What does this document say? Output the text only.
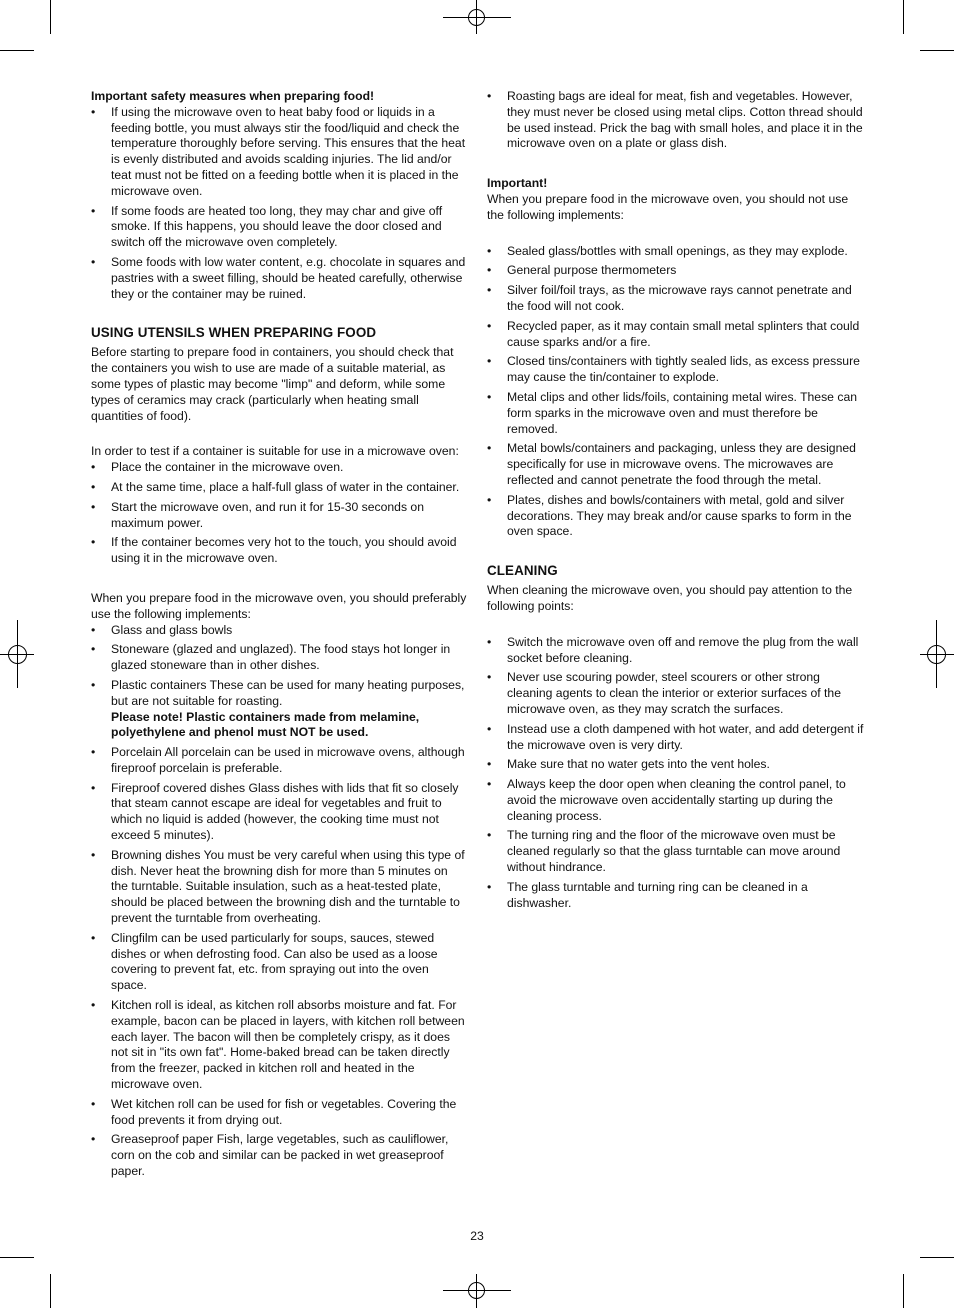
Important safety measures when preparing food!

• If using the microwave oven to heat baby food or liquids in a feeding bottle, you must always stir the food/liquid and check the temperature thoroughly before serving. This ensures that the heat is evenly distributed and avoids scalding injuries. The lid and/or teat must not be fitted on a feeding bottle when it is placed in the microwave oven.
• If some foods are heated too long, they may char and give off smoke. If this happens, you should leave the door closed and switch off the microwave oven completely.
• Some foods with low water content, e.g. chocolate in squares and pastries with a sweet filling, should be heated carefully, otherwise they or the container may be ruined.

USING UTENSILS WHEN PREPARING FOOD

Before starting to prepare food in containers, you should check that the containers you wish to use are made of a suitable material, as some types of plastic may become "limp" and deform, while some types of ceramics may crack (particularly when heating small quantities of food).

In order to test if a container is suitable for use in a microwave oven:

• Place the container in the microwave oven.
• At the same time, place a half-full glass of water in the container.
• Start the microwave oven, and run it for 15-30 seconds on maximum power.
• If the container becomes very hot to the touch, you should avoid using it in the microwave oven.

When you prepare food in the microwave oven, you should preferably use the following implements:

• Glass and glass bowls
• Stoneware (glazed and unglazed). The food stays hot longer in glazed stoneware than in other dishes.
• Plastic containers These can be used for many heating purposes, but are not suitable for roasting.
Please note! Plastic containers made from melamine, polyethylene and phenol must NOT be used.
• Porcelain All porcelain can be used in microwave ovens, although fireproof porcelain is preferable.
• Fireproof covered dishes Glass dishes with lids that fit so closely that steam cannot escape are ideal for vegetables and fruit to which no liquid is added (however, the cooking time must not exceed 5 minutes).
• Browning dishes You must be very careful when using this type of dish. Never heat the browning dish for more than 5 minutes on the turntable. Suitable insulation, such as a heat-tested plate, should be placed between the browning dish and the turntable to prevent the turntable from overheating.
• Clingfilm can be used particularly for soups, sauces, stewed dishes or when defrosting food. Can also be used as a loose covering to prevent fat, etc. from spraying out into the oven space.
• Kitchen roll is ideal, as kitchen roll absorbs moisture and fat. For example, bacon can be placed in layers, with kitchen roll between each layer. The bacon will then be completely crispy, as it does not sit in "its own fat". Home-baked bread can be taken directly from the freezer, packed in kitchen roll and heated in the microwave oven.
• Wet kitchen roll can be used for fish or vegetables. Covering the food prevents it from drying out.
• Greaseproof paper Fish, large vegetables, such as cauliflower, corn on the cob and similar can be packed in wet greaseproof paper.
• Roasting bags are ideal for meat, fish and vegetables. However, they must never be closed using metal clips. Cotton thread should be used instead. Prick the bag with small holes, and place it in the microwave oven on a plate or glass dish.

Important!

When you prepare food in the microwave oven, you should not use the following implements:

• Sealed glass/bottles with small openings, as they may explode.
• General purpose thermometers
• Silver foil/foil trays, as the microwave rays cannot penetrate and the food will not cook.
• Recycled paper, as it may contain small metal splinters that could cause sparks and/or a fire.
• Closed tins/containers with tightly sealed lids, as excess pressure may cause the tin/container to explode.
• Metal clips and other lids/foils, containing metal wires. These can form sparks in the microwave oven and must therefore be removed.
• Metal bowls/containers and packaging, unless they are designed specifically for use in microwave ovens. The microwaves are reflected and cannot penetrate the food through the metal.
• Plates, dishes and bowls/containers with metal, gold and silver decorations. They may break and/or cause sparks to form in the oven space.

CLEANING

When cleaning the microwave oven, you should pay attention to the following points:

• Switch the microwave oven off and remove the plug from the wall socket before cleaning.
• Never use scouring powder, steel scourers or other strong cleaning agents to clean the interior or exterior surfaces of the microwave oven, as they may scratch the surfaces.
• Instead use a cloth dampened with hot water, and add detergent if the microwave oven is very dirty.
• Make sure that no water gets into the vent holes.
• Always keep the door open when cleaning the control panel, to avoid the microwave oven accidentally starting up during the cleaning process.
• The turning ring and the floor of the microwave oven must be cleaned regularly so that the glass turntable can move around without hindrance.
• The glass turntable and turning ring can be cleaned in a dishwasher.
23
